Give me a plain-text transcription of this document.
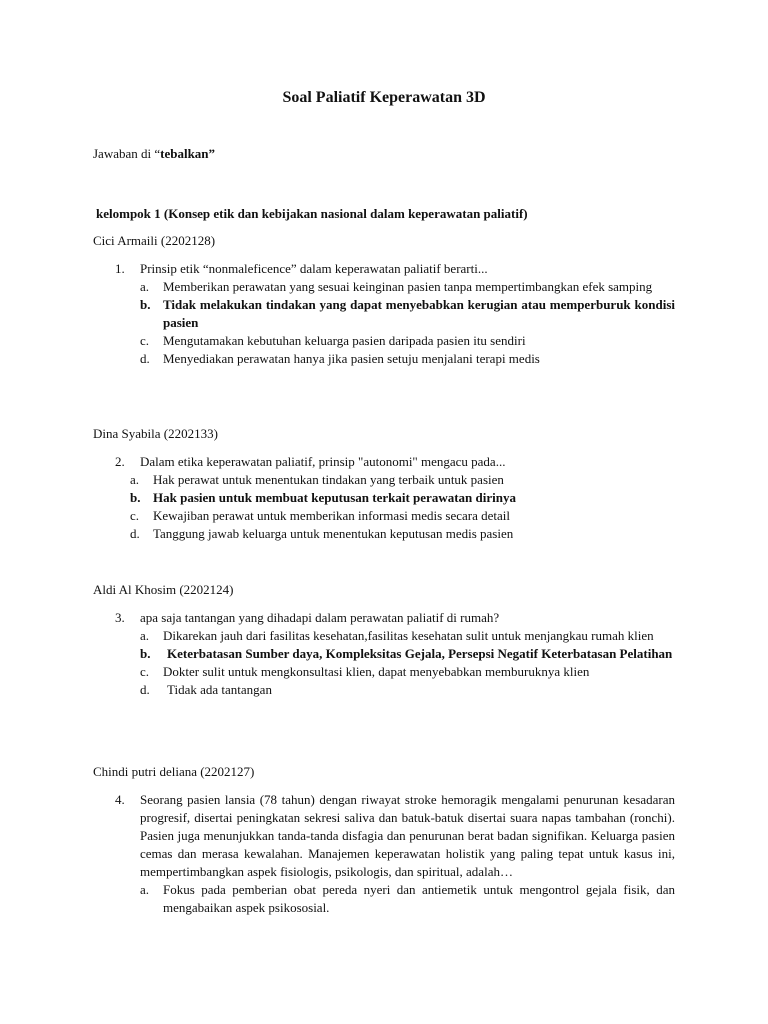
Soal Paliatif Keperawatan 3D
Jawaban di “tebalkan”
kelompok 1 (Konsep etik dan kebijakan nasional dalam keperawatan paliatif)
Cici Armaili (2202128)
1. Prinsip etik “nonmaleficence” dalam keperawatan paliatif berarti...
a. Memberikan perawatan yang sesuai keinginan pasien tanpa mempertimbangkan efek samping
b. Tidak melakukan tindakan yang dapat menyebabkan kerugian atau memperburuk kondisi pasien
c. Mengutamakan kebutuhan keluarga pasien daripada pasien itu sendiri
d. Menyediakan perawatan hanya jika pasien setuju menjalani terapi medis
Dina Syabila (2202133)
2. Dalam etika keperawatan paliatif, prinsip "autonomi" mengacu pada...
a. Hak perawat untuk menentukan tindakan yang terbaik untuk pasien
b. Hak pasien untuk membuat keputusan terkait perawatan dirinya
c. Kewajiban perawat untuk memberikan informasi medis secara detail
d. Tanggung jawab keluarga untuk menentukan keputusan medis pasien
Aldi Al Khosim (2202124)
3. apa saja tantangan yang dihadapi dalam perawatan paliatif di rumah?
a. Dikarekan jauh dari fasilitas kesehatan,fasilitas kesehatan sulit untuk menjangkau rumah klien
b. Keterbatasan Sumber daya, Kompleksitas Gejala, Persepsi Negatif Keterbatasan Pelatihan
c. Dokter sulit untuk mengkonsultasi klien, dapat menyebabkan memburuknya klien
d. Tidak ada tantangan
Chindi putri deliana (2202127)
4. Seorang pasien lansia (78 tahun) dengan riwayat stroke hemoragik mengalami penurunan kesadaran progresif, disertai peningkatan sekresi saliva dan batuk-batuk disertai suara napas tambahan (ronchi). Pasien juga menunjukkan tanda-tanda disfagia dan penurunan berat badan signifikan. Keluarga pasien cemas dan merasa kewalahan. Manajemen keperawatan holistik yang paling tepat untuk kasus ini, mempertimbangkan aspek fisiologis, psikologis, dan spiritual, adalah…
a. Fokus pada pemberian obat pereda nyeri dan antiemetik untuk mengontrol gejala fisik, dan mengabaikan aspek psikososial.
